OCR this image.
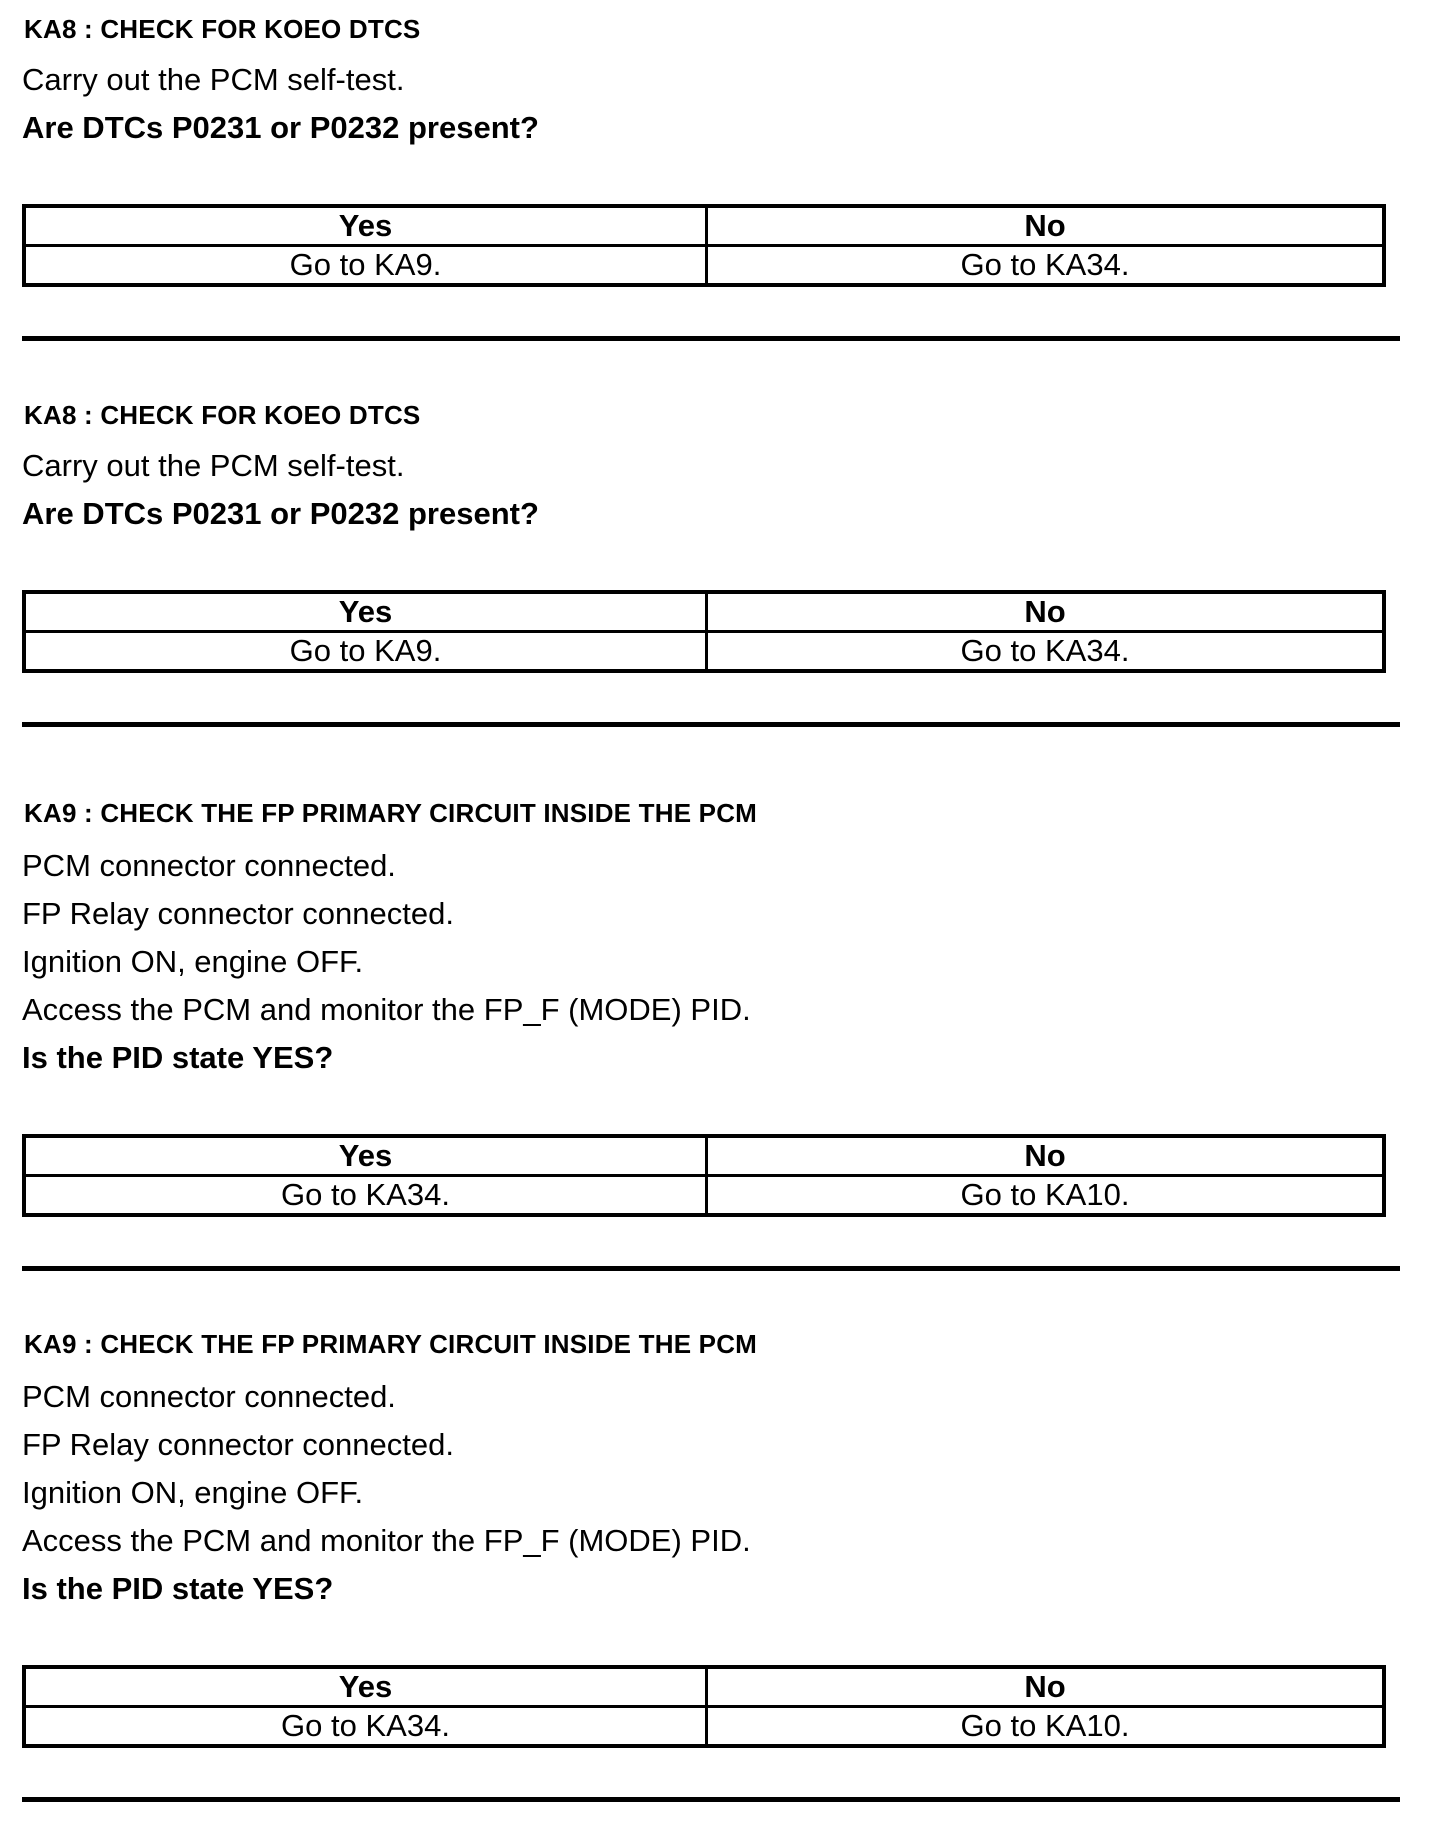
KA8 : CHECK FOR KOEO DTCS
Carry out the PCM self-test.
Are DTCs P0231 or P0232 present?
Yes	No
Go to KA9.	Go to KA34.
KA8 : CHECK FOR KOEO DTCS
Carry out the PCM self-test.
Are DTCs P0231 or P0232 present?
Yes	No
Go to KA9.	Go to KA34.
KA9 : CHECK THE FP PRIMARY CIRCUIT INSIDE THE PCM
PCM connector connected.
FP Relay connector connected.
Ignition ON, engine OFF.
Access the PCM and monitor the FP_F (MODE) PID.
Is the PID state YES?
Yes	No
Go to KA34.	Go to KA10.
KA9 : CHECK THE FP PRIMARY CIRCUIT INSIDE THE PCM
PCM connector connected.
FP Relay connector connected.
Ignition ON, engine OFF.
Access the PCM and monitor the FP_F (MODE) PID.
Is the PID state YES?
Yes	No
Go to KA34.	Go to KA10.
